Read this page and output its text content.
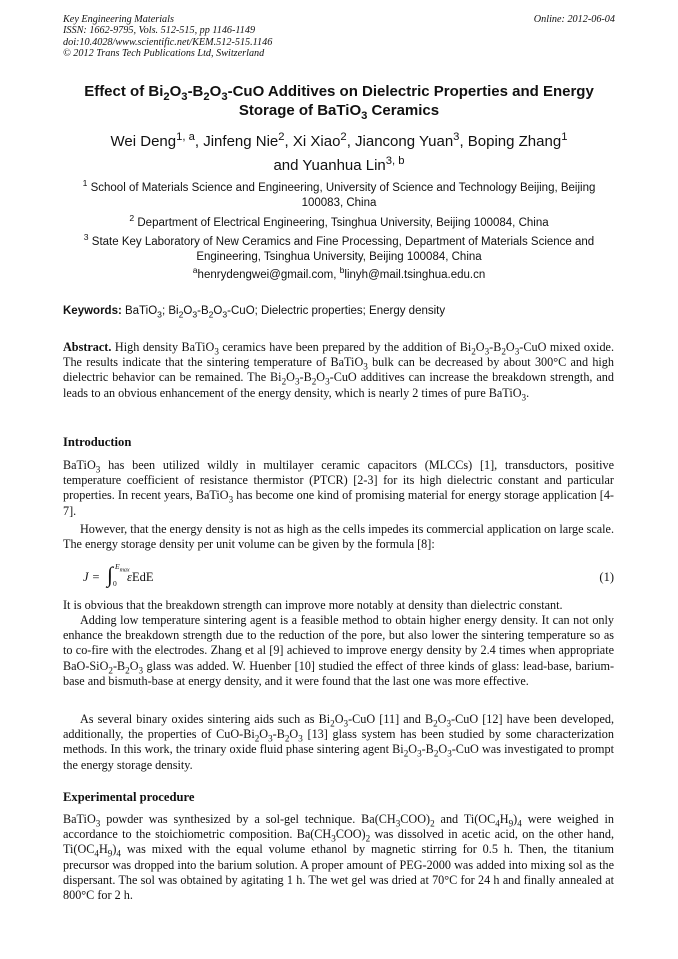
Key Engineering Materials	Online: 2012-06-04
ISSN: 1662-9795, Vols. 512-515, pp 1146-1149
doi:10.4028/www.scientific.net/KEM.512-515.1146
© 2012 Trans Tech Publications Ltd, Switzerland
Effect of $Bi_2O_3-B_2O_3$-CuO Additives on Dielectric Properties and Energy
Storage of BaTiO$_3$ Ceramics
Wei Deng$^{1, a}$, Jinfeng Nie$^2$, Xi Xiao$^2$, Jiancong Yuan$^3$, Boping Zhang$^1$
and Yuanhua Lin$^{3, b}$
$^1$ School of Materials Science and Engineering, University of Science and Technology Beijing, Beijing 100083, China
$^2$ Department of Electrical Engineering, Tsinghua University, Beijing 100084, China
$^3$ State Key Laboratory of New Ceramics and Fine Processing, Department of Materials Science and Engineering, Tsinghua University, Beijing 100084, China
$^a$henrydengwei@gmail.com, $^b$linyh@mail.tsinghua.edu.cn
Keywords: BaTiO$_3$; $Bi_2O_3-B_2O_3$-CuO; Dielectric properties; Energy density
Abstract. High density BaTiO$_3$ ceramics have been prepared by the addition of $Bi_2O_3-B_2O_3$-CuO mixed oxide. The results indicate that the sintering temperature of BaTiO$_3$ bulk can be decreased by about 300°C and high dielectric behavior can be remained. The $Bi_2O_3-B_2O_3$-CuO additives can increase the breakdown strength, and leads to an obvious enhancement of the energy density, which is nearly 2 times of pure BaTiO$_3$.
Introduction
BaTiO$_3$ has been utilized wildly in multilayer ceramic capacitors (MLCCs) [1], transductors, positive temperature coefficient of resistance thermistor (PTCR) [2-3] for its high dielectric constant and particular properties. In recent years, BaTiO$_3$ has become one kind of promising material for energy storage application [4-7].
However, that the energy density is not as high as the cells impedes its commercial application on large scale. The energy storage density per unit volume can be given by the formula [8]:
J = ∫ $E_{max}$
0 εEdE	(1)
It is obvious that the breakdown strength can improve more notably at density than dielectric constant.
Adding low temperature sintering agent is a feasible method to obtain higher energy density. It can not only enhance the breakdown strength due to the reduction of the pore, but also lower the sintering temperature so as to co-fire with the electrodes. Zhang et al [9] achieved to improve energy density by 2.4 times when appropriate BaO-$SiO_2-B_2O_3$ glass was added. W. Huenber [10] studied the effect of three kinds of glass: lead-base, barium-base and bismuth-base at energy density, and it were found that the last one was more effective.
As several binary oxides sintering aids such as $Bi_2O_3$-CuO [11] and $B_2O_3$-CuO [12] have been developed, additionally, the properties of CuO-$Bi_2O_3-B_2O_3$ [13] glass system has been studied by some characterization methods. In this work, the trinary oxide fluid phase sintering agent $Bi_2O_3-B_2O_3$-CuO was investigated to prompt the energy storage density.
Experimental procedure
BaTiO$_3$ powder was synthesized by a sol-gel technique. $Ba(CH_3COO)_2$ and $Ti(OC_4H_9)_4$ were weighed in accordance to the stoichiometric composition. $Ba(CH_3COO)_2$ was dissolved in acetic acid, on the other hand, $Ti(OC_4H_9)_4$ was mixed with the equal volume ethanol by magnetic stirring for 0.5 h. Then, the titanium precursor was dropped into the barium solution. A proper amount of PEG-2000 was added into mixing sol as the dispersant. The sol was obtained by agitating 1 h. The wet gel was dried at 70°C for 24 h and finally annealed at 800°C for 2 h.
